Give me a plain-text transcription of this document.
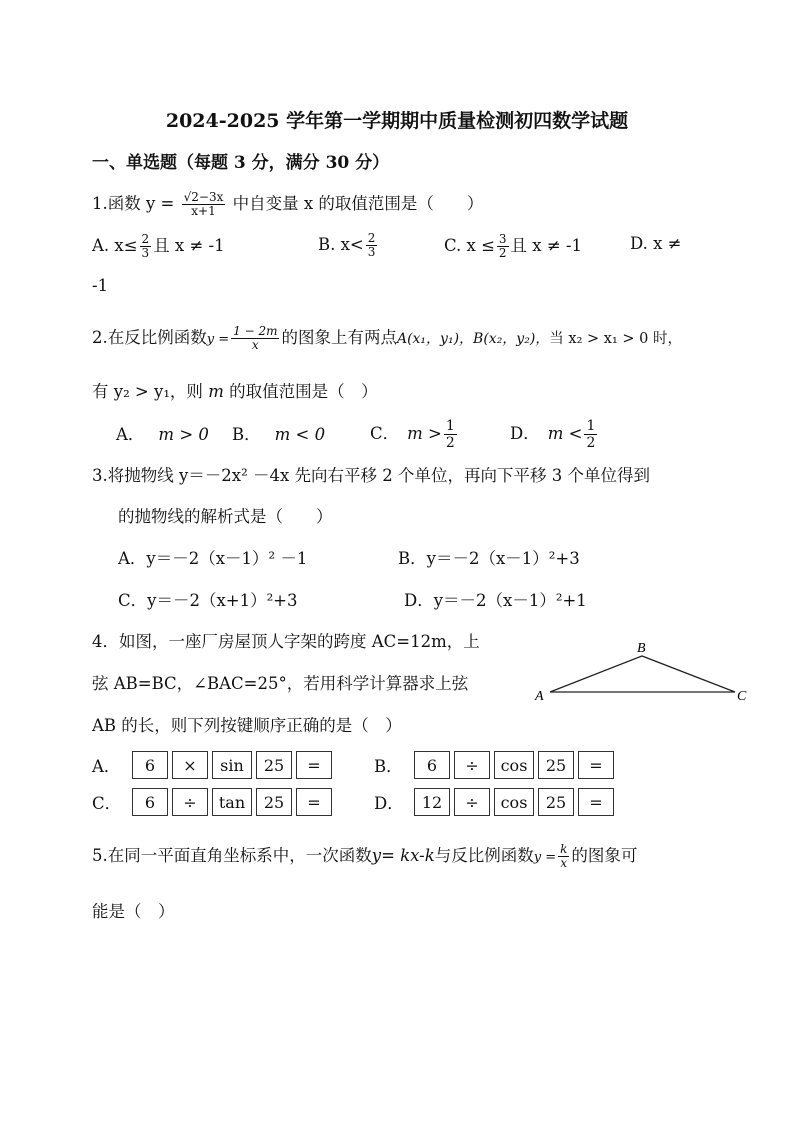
2024-2025 学年第一学期期中质量检测初四数学试题
一、单选题（每题 3 分，满分 30 分）
1.函数 $y = \frac{√2-3x}{x+1}$ 中自变量 x 的取值范围是（　　）
A. $x\le \frac{2}{3}$ 且 x ≠ -1	B. $x< \frac{2}{3}$	C. $x \le \frac{3}{2}$ 且 x ≠ -1	D. x ≠
-1
2.在反比例函数$y = \frac{1 - 2m}{x}$ 的图象上有两点A(x₁，y₁)，B(x₂，y₂)，当 x₂ > x₁ > 0 时，
有 y₂ > y₁，则 m 的取值范围是（　）
A． m > 0 B． m < 0	C． $m > \frac{1}{2}$	D． $m < \frac{1}{2}$
3.将抛物线 y＝－2x² －4x 先向右平移 2 个单位，再向下平移 3 个单位得到
的抛物线的解析式是（　　）
A．y＝－2（x－1）² －1	B．y＝－2（x－1）²+3
C．y＝－2（x+1）²+3	D．y＝－2（x－1）²+1
4．如图，一座厂房屋顶人字架的跨度 AC=12m，上
弦 AB=BC，∠BAC=25°，若用科学计算器求上弦
AB 的长，则下列按键顺序正确的是（　）
B
A	C
A．	6	×	sin	25	=	B．	6	÷	cos	25	=
C．	6	÷	tan	25	=	D．	12	÷	cos	25	=
5.在同一平面直角坐标系中，一次函数y= kx-k与反比例函数$y = \frac{k}{x}$ 的图象可
能是（　）
